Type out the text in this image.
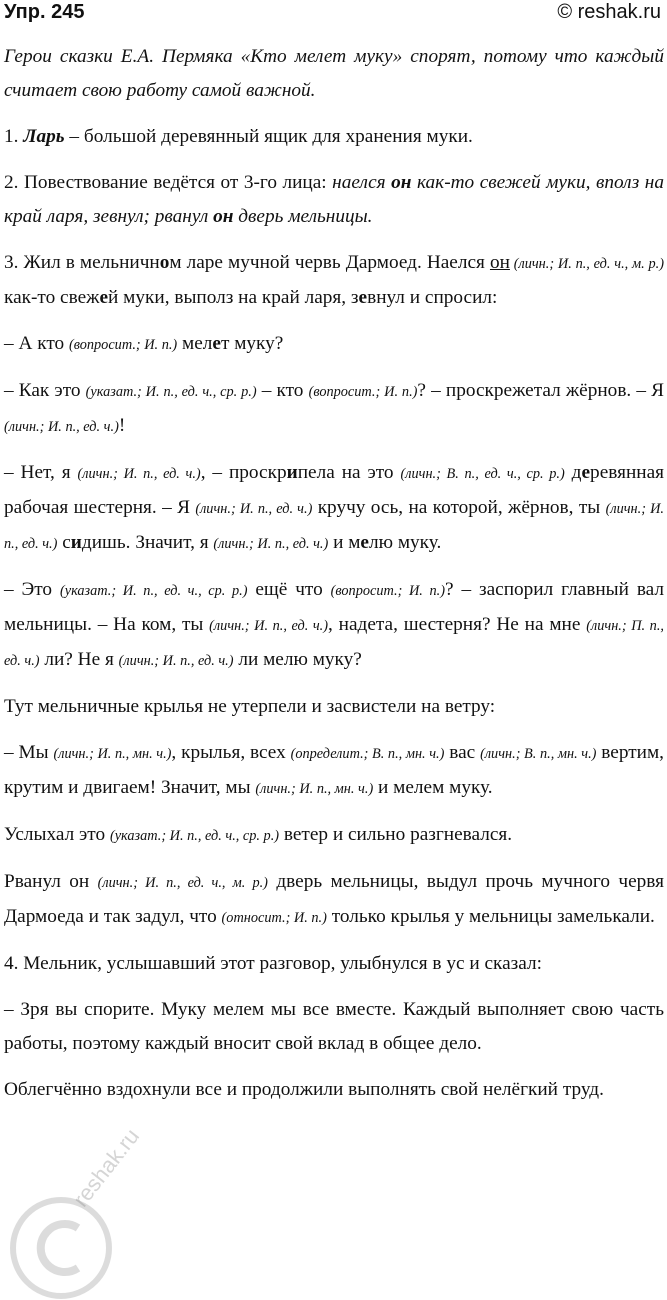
Упр. 245	© reshak.ru

Герои сказки Е.А. Пермяка «Кто мелет муку» спорят, потому что каждый считает свою работу самой важной.

1. Ларь – большой деревянный ящик для хранения муки.

2. Повествование ведётся от 3-го лица: наелся он как-то свежей муки, вполз на край ларя, зевнул; рванул он дверь мельницы.

3. Жил в мельничном ларе мучной червь Дармоед. Наелся он (личн.; И. п., ед. ч., м. р.) как-то свежей муки, выполз на край ларя, зевнул и спросил:

– А кто (вопросит.; И. п.) мелет муку?

– Как это (указат.; И. п., ед. ч., ср. р.) – кто (вопросит.; И. п.)? – проскрежетал жёрнов. – Я (личн.; И. п., ед. ч.)!

– Нет, я (личн.; И. п., ед. ч.), – проскрипела на это (личн.; В. п., ед. ч., ср. р.) деревянная рабочая шестерня. – Я (личн.; И. п., ед. ч.) кручу ось, на которой, жёрнов, ты (личн.; И. п., ед. ч.) сидишь. Значит, я (личн.; И. п., ед. ч.) и мелю муку.

– Это (указат.; И. п., ед. ч., ср. р.) ещё что (вопросит.; И. п.)? – заспорил главный вал мельницы. – На ком, ты (личн.; И. п., ед. ч.), надета, шестерня? Не на мне (личн.; П. п., ед. ч.) ли? Не я (личн.; И. п., ед. ч.) ли мелю муку?

Тут мельничные крылья не утерпели и засвистели на ветру:

– Мы (личн.; И. п., мн. ч.), крылья, всех (определит.; В. п., мн. ч.) вас (личн.; В. п., мн. ч.) вертим, крутим и двигаем! Значит, мы (личн.; И. п., мн. ч.) и мелем муку.

Услыхал это (указат.; И. п., ед. ч., ср. р.) ветер и сильно разгневался.

Рванул он (личн.; И. п., ед. ч., м. р.) дверь мельницы, выдул прочь мучного червя Дармоеда и так задул, что (относит.; И. п.) только крылья у мельницы замелькали.

4. Мельник, услышавший этот разговор, улыбнулся в ус и сказал:

– Зря вы спорите. Муку мелем мы все вместе. Каждый выполняет свою часть работы, поэтому каждый вносит свой вклад в общее дело.

Облегчённо вздохнули все и продолжили выполнять свой нелёгкий труд.

reshak.ru
